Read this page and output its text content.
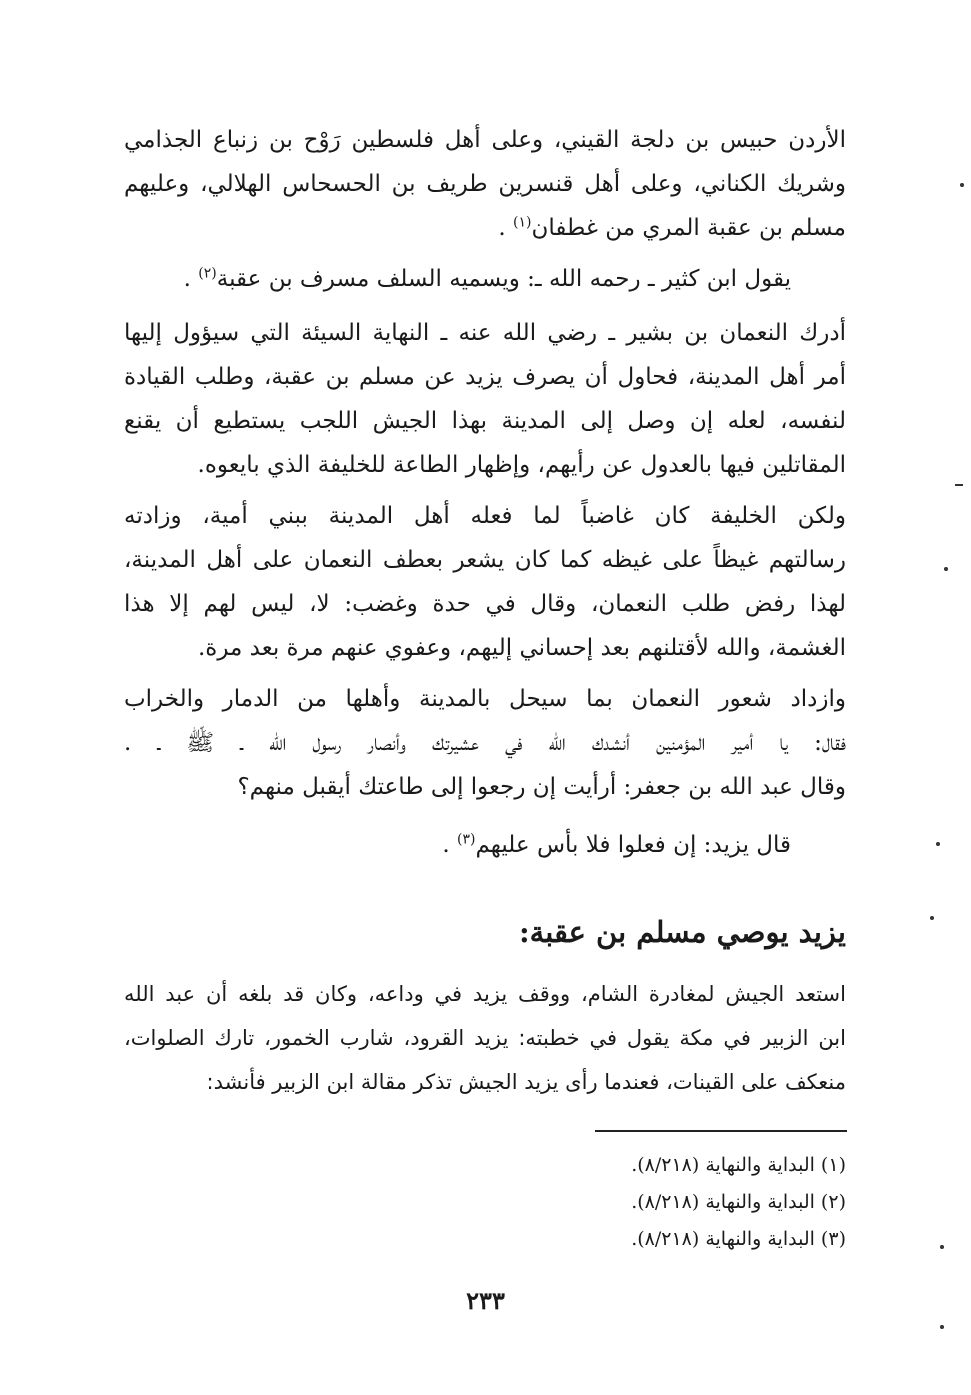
الأردن حبيس بن دلجة القيني، وعلى أهل فلسطين رَوْح بن زنباع الجذامي
وشريك الكناني، وعلى أهل قنسرين طريف بن الحسحاس الهلالي، وعليهم
مسلم بن عقبة المري من غطفان$^{(١)}$ .
يقول ابن كثير ـ رحمه الله ـ: ويسميه السلف مسرف بن عقبة$^{(٢)}$ .
أدرك النعمان بن بشير ـ رضي الله عنه ـ النهاية السيئة التي سيؤول إليها
أمر أهل المدينة، فحاول أن يصرف يزيد عن مسلم بن عقبة، وطلب القيادة
لنفسه، لعله إن وصل إلى المدينة بهذا الجيش اللجب يستطيع أن يقنع
المقاتلين فيها بالعدول عن رأيهم، وإظهار الطاعة للخليفة الذي بايعوه.
ولكن الخليفة كان غاضباً لما فعله أهل المدينة ببني أمية، وزادته
رسالتهم غيظاً على غيظه كما كان يشعر بعطف النعمان على أهل المدينة،
لهذا رفض طلب النعمان، وقال في حدة وغضب: لا، ليس لهم إلا هذا
الغشمة، والله لأقتلنهم بعد إحساني إليهم، وعفوي عنهم مرة بعد مرة.
وازداد شعور النعمان بما سيحل بالمدينة وأهلها من الدمار والخراب
فقال: يا أمير المؤمنين أنشدك الله في عشيرتك وأنصار رسول الله ـ ﷺ ـ .
وقال عبد الله بن جعفر: أرأيت إن رجعوا إلى طاعتك أيقبل منهم؟
قال يزيد: إن فعلوا فلا بأس عليهم$^{(٣)}$ .
يزيد يوصي مسلم بن عقبة:
استعد الجيش لمغادرة الشام، ووقف يزيد في وداعه، وكان قد بلغه أن عبد الله
ابن الزبير في مكة يقول في خطبته: يزيد القرود، شارب الخمور، تارك الصلوات،
منعكف على القينات، فعندما رأى يزيد الجيش تذكر مقالة ابن الزبير فأنشد:
(١) البداية والنهاية (٨/٢١٨).
(٢) البداية والنهاية (٨/٢١٨).
(٣) البداية والنهاية (٨/٢١٨).
٢٣٣
